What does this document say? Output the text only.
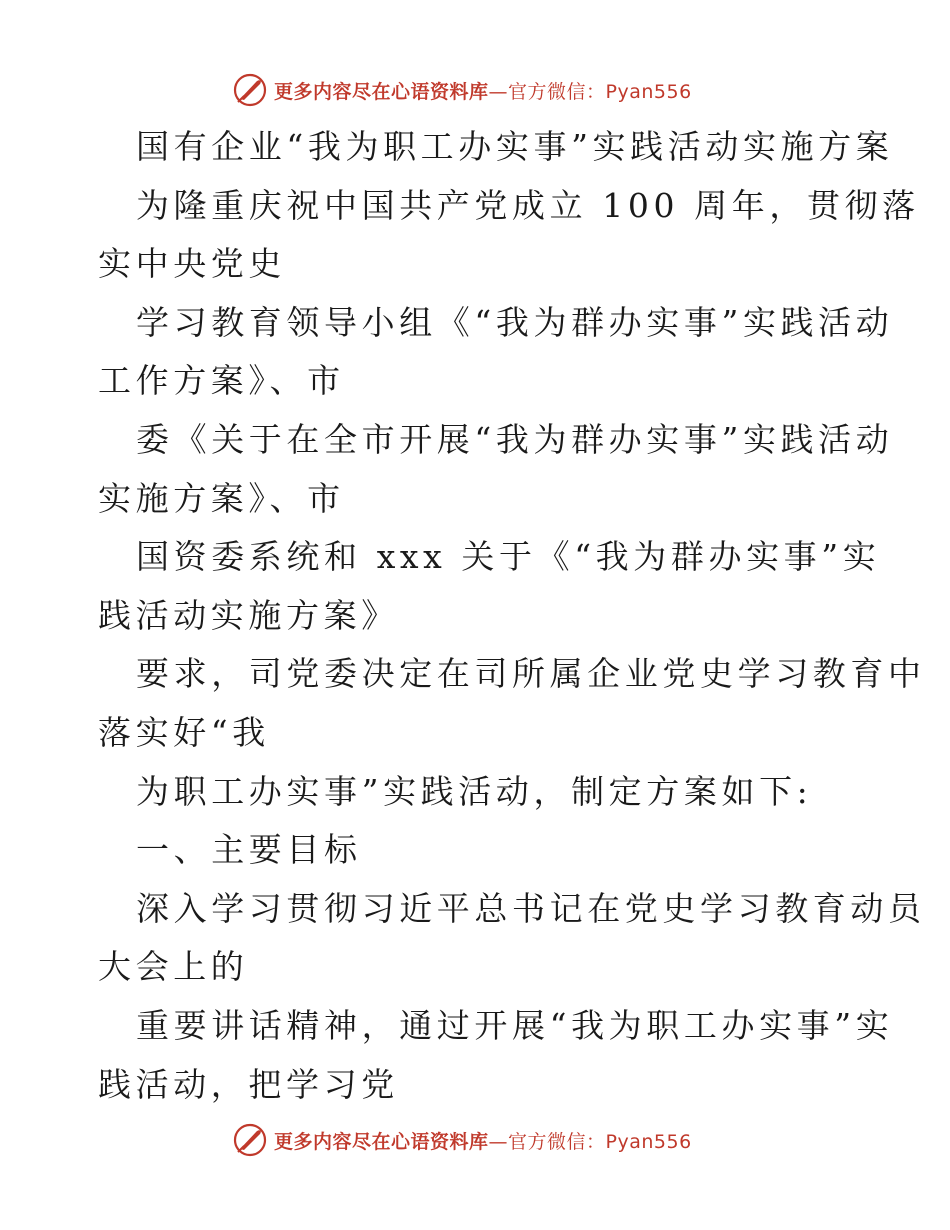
更多内容尽在心语资料库—官方微信：Pyan556
国有企业“我为职工办实事”实践活动实施方案
为隆重庆祝中国共产党成立 100 周年，贯彻落
实中央党史
学习教育领导小组《“我为群办实事”实践活动
工作方案》、市
委《关于在全市开展“我为群办实事”实践活动
实施方案》、市
国资委系统和 xxx 关于《“我为群办实事”实
践活动实施方案》
要求，司党委决定在司所属企业党史学习教育中
落实好“我
为职工办实事”实践活动，制定方案如下:
一、主要目标
深入学习贯彻习近平总书记在党史学习教育动员
大会上的
重要讲话精神，通过开展“我为职工办实事”实
践活动，把学习党
更多内容尽在心语资料库—官方微信：Pyan556
